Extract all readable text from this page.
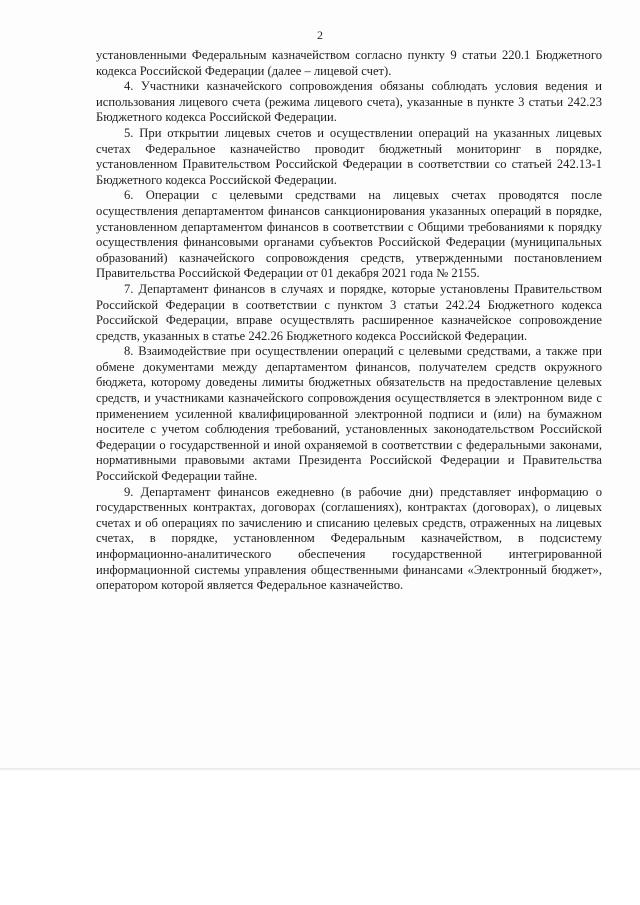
2

установленными Федеральным казначейством согласно пункту 9 статьи 220.1 Бюджетного кодекса Российской Федерации (далее – лицевой счет).

4. Участники казначейского сопровождения обязаны соблюдать условия ведения и использования лицевого счета (режима лицевого счета), указанные в пункте 3 статьи 242.23 Бюджетного кодекса Российской Федерации.

5. При открытии лицевых счетов и осуществлении операций на указанных лицевых счетах Федеральное казначейство проводит бюджетный мониторинг в порядке, установленном Правительством Российской Федерации в соответствии со статьей 242.13-1 Бюджетного кодекса Российской Федерации.

6. Операции с целевыми средствами на лицевых счетах проводятся после осуществления департаментом финансов санкционирования указанных операций в порядке, установленном департаментом финансов в соответствии с Общими требованиями к порядку осуществления финансовыми органами субъектов Российской Федерации (муниципальных образований) казначейского сопровождения средств, утвержденными постановлением Правительства Российской Федерации от 01 декабря 2021 года № 2155.

7. Департамент финансов в случаях и порядке, которые установлены Правительством Российской Федерации в соответствии с пунктом 3 статьи 242.24 Бюджетного кодекса Российской Федерации, вправе осуществлять расширенное казначейское сопровождение средств, указанных в статье 242.26 Бюджетного кодекса Российской Федерации.

8. Взаимодействие при осуществлении операций с целевыми средствами, а также при обмене документами между департаментом финансов, получателем средств окружного бюджета, которому доведены лимиты бюджетных обязательств на предоставление целевых средств, и участниками казначейского сопровождения осуществляется в электронном виде с применением усиленной квалифицированной электронной подписи и (или) на бумажном носителе с учетом соблюдения требований, установленных законодательством Российской Федерации о государственной и иной охраняемой в соответствии с федеральными законами, нормативными правовыми актами Президента Российской Федерации и Правительства Российской Федерации тайне.

9. Департамент финансов ежедневно (в рабочие дни) представляет информацию о государственных контрактах, договорах (соглашениях), контрактах (договорах), о лицевых счетах и об операциях по зачислению и списанию целевых средств, отраженных на лицевых счетах, в порядке, установленном Федеральным казначейством, в подсистему информационно-аналитического обеспечения государственной интегрированной информационной системы управления общественными финансами «Электронный бюджет», оператором которой является Федеральное казначейство.
